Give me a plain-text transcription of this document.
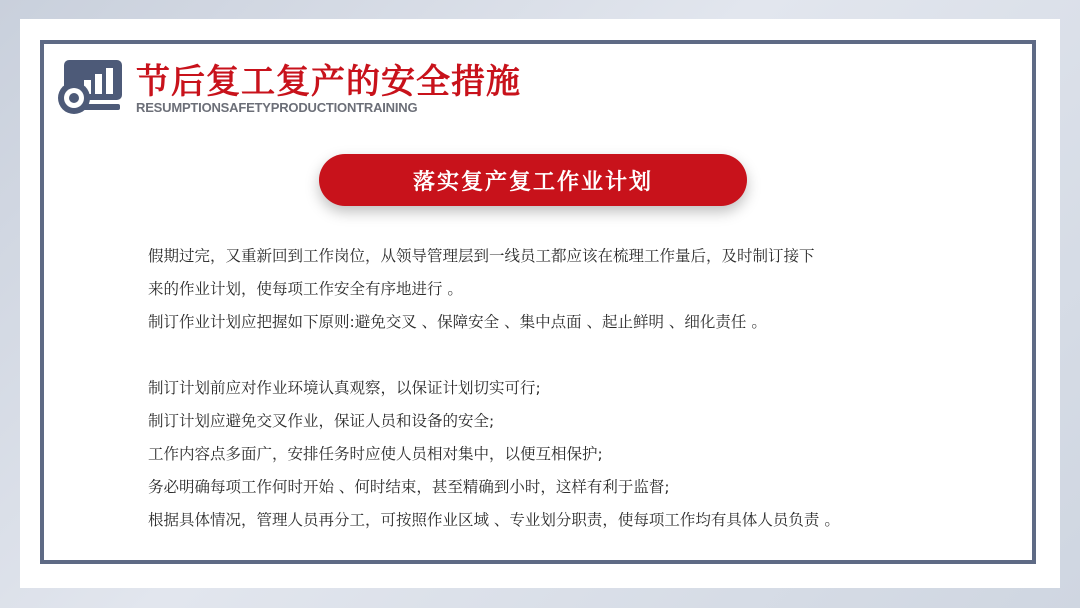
节后复工复产的安全措施
RESUMPTIONSAFETYPRODUCTIONTRAINING
落实复产复工作业计划

假期过完，又重新回到工作岗位，从领导管理层到一线员工都应该在梳理工作量后，及时制订接下

来的作业计划，使每项工作安全有序地进行 。

制订作业计划应把握如下原则:避免交叉 、保障安全 、集中点面 、起止鲜明 、细化责任 。

制订计划前应对作业环境认真观察，以保证计划切实可行;

制订计划应避免交叉作业，保证人员和设备的安全;

工作内容点多面广，安排任务时应使人员相对集中，以便互相保护;

务必明确每项工作何时开始 、何时结束，甚至精确到小时，这样有利于监督;

根据具体情况，管理人员再分工，可按照作业区域 、专业划分职责，使每项工作均有具体人员负责 。
